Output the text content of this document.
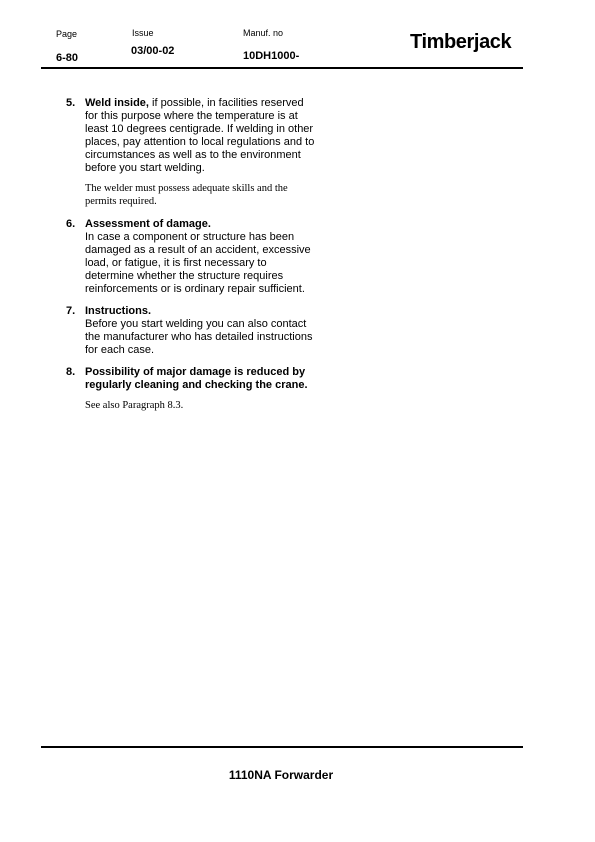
Page
6-80
Issue
03/00-02
Manuf. no
10DH1000-
Timberjack
5. Weld inside, if possible, in facilities reserved for this purpose where the temperature is at least 10 degrees centigrade. If welding in other places, pay attention to local regulations and to circumstances as well as to the environment before you start welding.
The welder must possess adequate skills and the permits required.
6. Assessment of damage.
In case a component or structure has been damaged as a result of an accident, excessive load, or fatigue, it is first necessary to determine whether the structure requires reinforcements or is ordinary repair sufficient.
7. Instructions.
Before you start welding you can also contact the manufacturer who has detailed instructions for each case.
8. Possibility of major damage is reduced by regularly cleaning and checking the crane.
See also Paragraph 8.3.
1110NA Forwarder
